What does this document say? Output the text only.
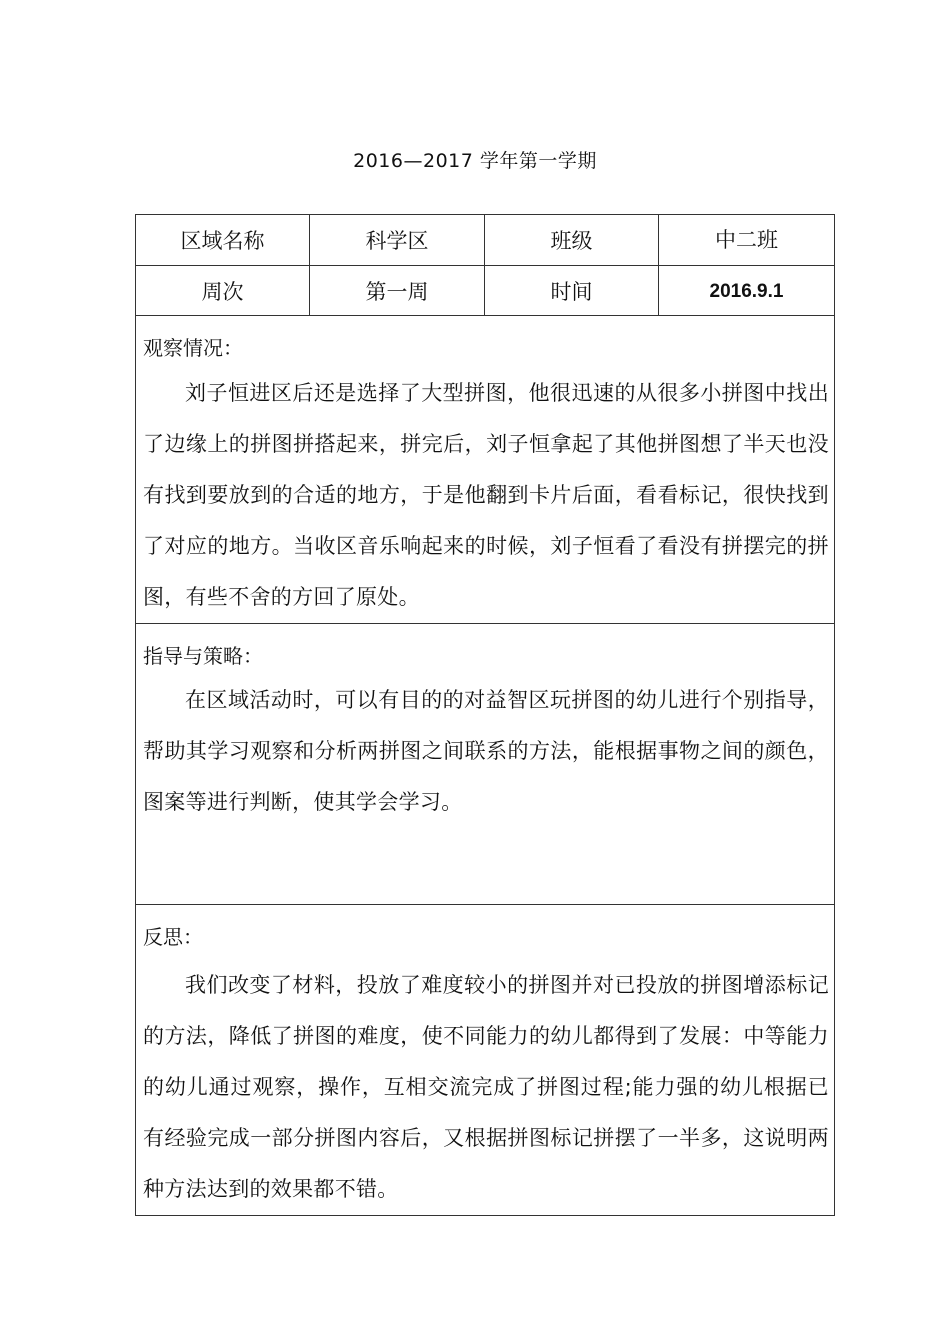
2016—2017 学年第一学期
区域名称	科学区	班级	中二班

周次	第一周	时间	2016.9.1

观察情况：
刘子恒进区后还是选择了大型拼图，他很迅速的从很多小拼图中找出了边缘上的拼图拼搭起来，拼完后，刘子恒拿起了其他拼图想了半天也没有找到要放到的合适的地方，于是他翻到卡片后面，看看标记，很快找到了对应的地方。当收区音乐响起来的时候，刘子恒看了看没有拼摆完的拼图，有些不舍的方回了原处。			

指导与策略：
在区域活动时，可以有目的的对益智区玩拼图的幼儿进行个别指导，帮助其学习观察和分析两拼图之间联系的方法，能根据事物之间的颜色，图案等进行判断，使其学会学习。			

反思：
我们改变了材料，投放了难度较小的拼图并对已投放的拼图增添标记的方法，降低了拼图的难度，使不同能力的幼儿都得到了发展：中等能力的幼儿通过观察，操作，互相交流完成了拼图过程;能力强的幼儿根据已有经验完成一部分拼图内容后，又根据拼图标记拼摆了一半多，这说明两种方法达到的效果都不错。			
